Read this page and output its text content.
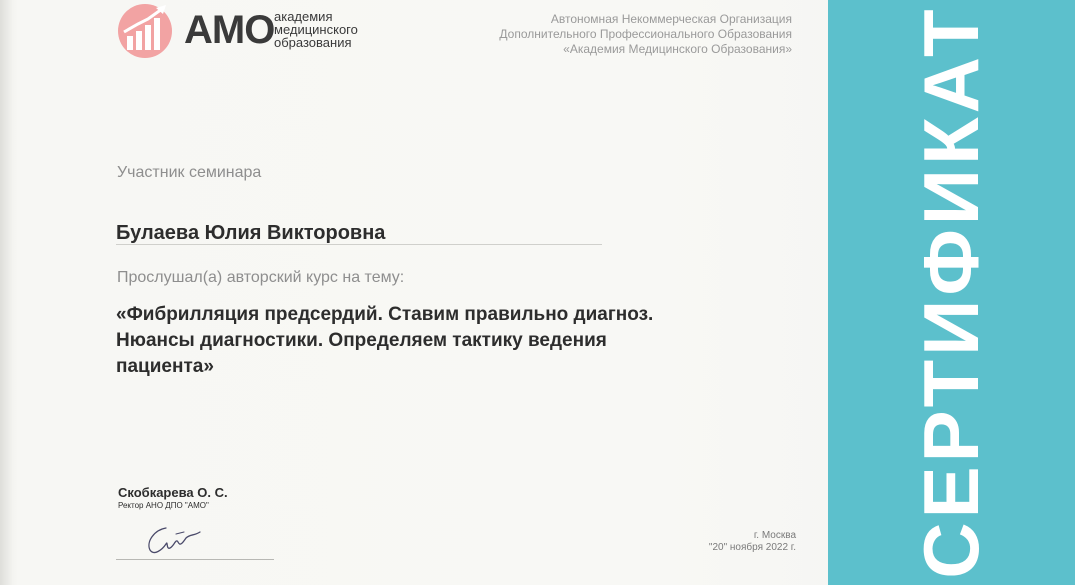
АМО академия
медицинского
образования
Автономная Некоммерческая Организация
Дополнительного Профессионального Образования
«Академия Медицинского Образования»
Участник семинара
Булаева Юлия Викторовна
Прослушал(а) авторский курс на тему:
«Фибрилляция предсердий. Ставим правильно диагноз.
Нюансы диагностики. Определяем тактику ведения
пациента»
Скобкарева О. С.
Ректор АНО ДПО "АМО"
г. Москва
"20" ноября 2022 г. СЕРТИФИКАТ
